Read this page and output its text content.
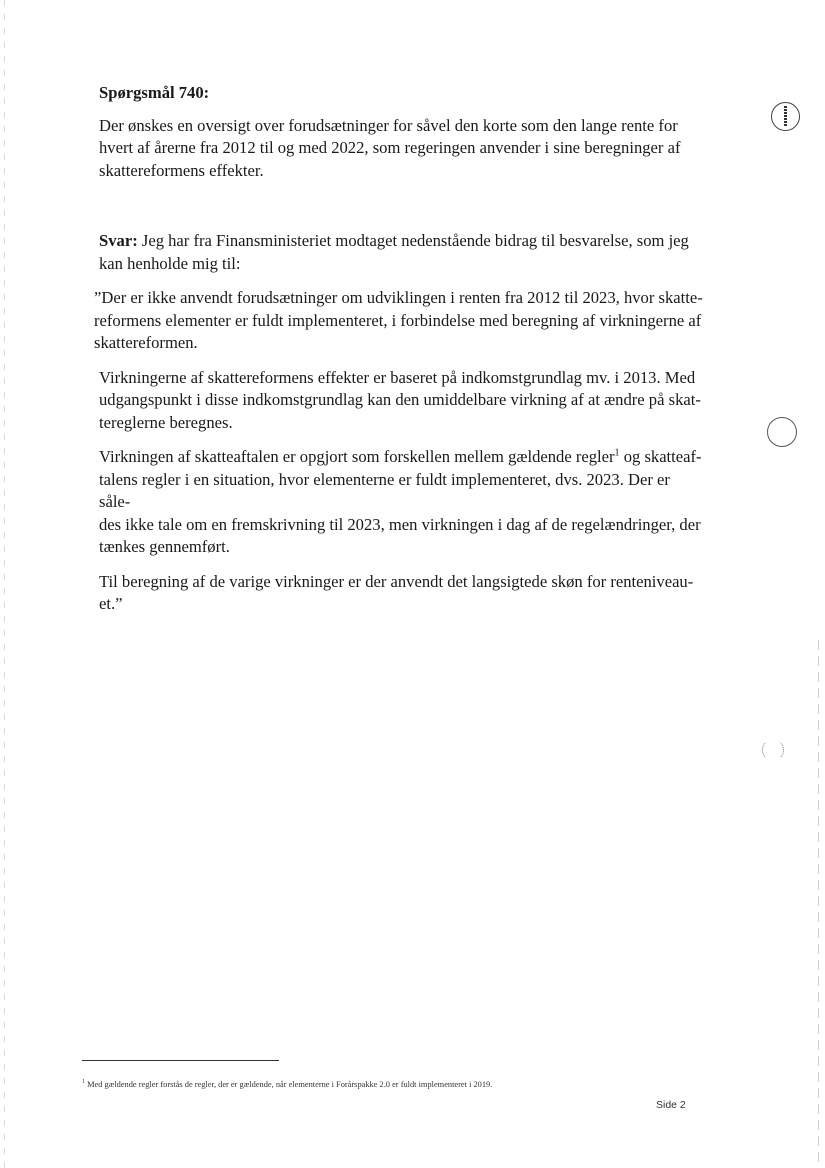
Spørgsmål 740:
Der ønskes en oversigt over forudsætninger for såvel den korte som den lange rente for
hvert af årerne fra 2012 til og med 2022, som regeringen anvender i sine beregninger af
skattereformens effekter.
Svar: Jeg har fra Finansministeriet modtaget nedenstående bidrag til besvarelse, som jeg
kan henholde mig til:
”Der er ikke anvendt forudsætninger om udviklingen i renten fra 2012 til 2023, hvor skatte-
reformens elementer er fuldt implementeret, i forbindelse med beregning af virkningerne af
skattereformen.
Virkningerne af skattereformens effekter er baseret på indkomstgrundlag mv. i 2013. Med
udgangspunkt i disse indkomstgrundlag kan den umiddelbare virkning af at ændre på skat-
tereglerne beregnes.
Virkningen af skatteaftalen er opgjort som forskellen mellem gældende regler$^1$ og skatteaf-
talens regler i en situation, hvor elementerne er fuldt implementeret, dvs. 2023. Der er såle-
des ikke tale om en fremskrivning til 2023, men virkningen i dag af de regelændringer, der
tænkes gennemført.
Til beregning af de varige virkninger er der anvendt det langsigtede skøn for renteniveau-
et.”
$^1$ Med gældende regler forstås de regler, der er gældende, når elementerne i Forårspakke 2.0 er fuldt implementeret i 2019.
Side 2
